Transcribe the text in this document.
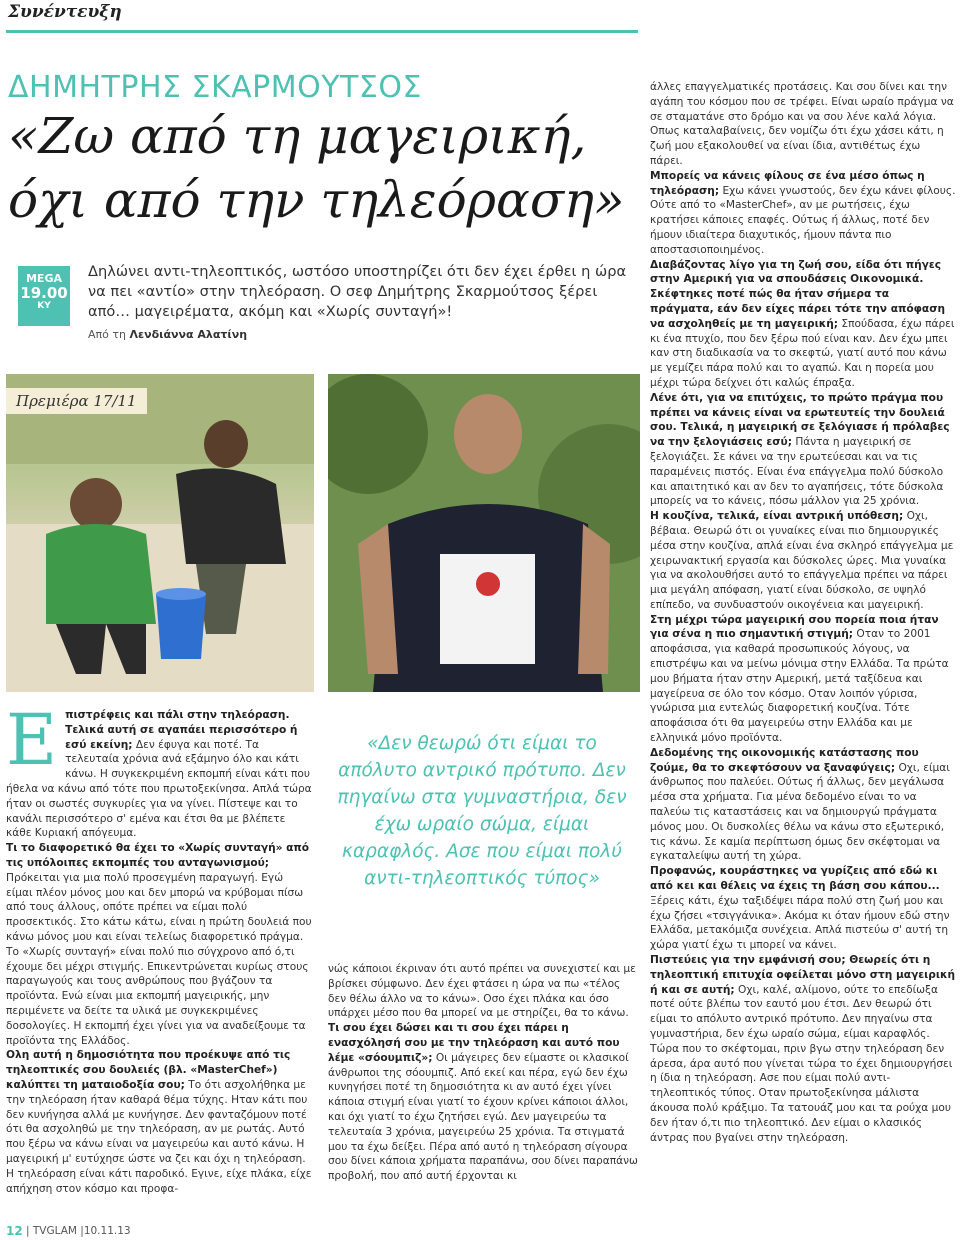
Συνέντευξη
ΔΗΜΗΤΡΗΣ ΣΚΑΡΜΟΥΤΣΟΣ
«Ζω από τη μαγειρική,
όχι από την τηλεόραση»
MEGA
19.00
ΚΥ
Δηλώνει αντι-τηλεοπτικός, ωστόσο υποστηρίζει ότι δεν έχει έρθει η ώρα να πει «αντίο» στην τηλεόραση. Ο σεφ Δημήτρης Σκαρμούτσος ξέρει από… μαγειρέματα, ακόμη και «Χωρίς συνταγή»!
Από τη Λενδιάννα Αλατίνη
Πρεμιέρα 17/11
Ε πιστρέφεις και πάλι στην τηλεόραση. Τελικά αυτή σε αγαπάει περισσότερο ή εσύ εκείνη; Δεν έφυγα και ποτέ. Τα τελευταία χρόνια ανά εξάμηνο όλο και κάτι κάνω. Η συγκεκριμένη εκπομπή είναι κάτι που ήθελα να κάνω από τότε που πρωτοξεκίνησα. Απλά τώρα ήταν οι σωστές συγκυρίες για να γίνει. Πίστεψε και το κανάλι περισσότερο σ' εμένα και έτσι θα με βλέπετε κάθε Κυριακή απόγευμα.

Τι το διαφορετικό θα έχει το «Χωρίς συνταγή» από τις υπόλοιπες εκπομπές του ανταγωνισμού; Πρόκειται για μια πολύ προσεγμένη παραγωγή. Εγώ είμαι πλέον μόνος μου και δεν μπορώ να κρύβομαι πίσω από τους άλλους, οπότε πρέπει να είμαι πολύ προσεκτικός. Στο κάτω κάτω, είναι η πρώτη δουλειά που κάνω μόνος μου και είναι τελείως διαφορετικό πράγμα. Το «Χωρίς συνταγή» είναι πολύ πιο σύγχρονο από ό,τι έχουμε δει μέχρι στιγμής. Επικεντρώνεται κυρίως στους παραγωγούς και τους ανθρώπους που βγάζουν τα προϊόντα. Ενώ είναι μια εκπομπή μαγειρικής, μην περιμένετε να δείτε τα υλικά με συγκεκριμένες δοσολογίες. Η εκπομπή έχει γίνει για να αναδείξουμε τα προϊόντα της Ελλάδος.

Ολη αυτή η δημοσιότητα που προέκυψε από τις τηλεοπτικές σου δουλειές (βλ. «MasterChef») καλύπτει τη ματαιοδοξία σου; Το ότι ασχολήθηκα με την τηλεόραση ήταν καθαρά θέμα τύχης. Ηταν κάτι που δεν κυνήγησα αλλά με κυνήγησε. Δεν φανταζόμουν ποτέ ότι θα ασχοληθώ με την τηλεόραση, αν με ρωτάς. Αυτό που ξέρω να κάνω είναι να μαγειρεύω και αυτό κάνω. Η μαγειρική μ' ευτύχησε ώστε να ζει και όχι η τηλεόραση. Η τηλεόραση είναι κάτι παροδικό. Εγινε, είχε πλάκα, είχε απήχηση στον κόσμο και προφα-

«Δεν θεωρώ ότι είμαι το απόλυτο αντρικό πρότυπο. Δεν πηγαίνω στα γυμναστήρια, δεν έχω ωραίο σώμα, είμαι καραφλός. Ασε που είμαι πολύ αντι-τηλεοπτικός τύπος»

νώς κάποιοι έκριναν ότι αυτό πρέπει να συνεχιστεί και με βρίσκει σύμφωνο. Δεν έχει φτάσει η ώρα να πω «τέλος δεν θέλω άλλο να το κάνω». Οσο έχει πλάκα και όσο υπάρχει μέσο που θα μπορεί να με στηρίζει, θα το κάνω.

Τι σου έχει δώσει και τι σου έχει πάρει η ενασχόλησή σου με την τηλεόραση και αυτό που λέμε «σόουμπιζ»; Οι μάγειρες δεν είμαστε οι κλασικοί άνθρωποι της σόουμπιζ. Από εκεί και πέρα, εγώ δεν έχω κυνηγήσει ποτέ τη δημοσιότητα κι αν αυτό έχει γίνει κάποια στιγμή είναι γιατί το έχουν κρίνει κάποιοι άλλοι, και όχι γιατί το έχω ζητήσει εγώ. Δεν μαγειρεύω τα τελευταία 3 χρόνια, μαγειρεύω 25 χρόνια. Τα στιγματά μου τα έχω δείξει. Πέρα από αυτό η τηλεόραση σίγουρα σου δίνει κάποια χρήματα παραπάνω, σου δίνει παραπάνω προβολή, που από αυτή έρχονται κι

άλλες επαγγελματικές προτάσεις. Και σου δίνει και την αγάπη του κόσμου που σε τρέφει. Είναι ωραίο πράγμα να σε σταματάνε στο δρόμο και να σου λένε καλά λόγια. Οπως καταλαβαίνεις, δεν νομίζω ότι έχω χάσει κάτι, η ζωή μου εξακολουθεί να είναι ίδια, αντιθέτως έχω πάρει.

Μπορείς να κάνεις φίλους σε ένα μέσο όπως η τηλεόραση; Εχω κάνει γνωστούς, δεν έχω κάνει φίλους. Ούτε από το «MasterChef», αν με ρωτήσεις, έχω κρατήσει κάποιες επαφές. Ούτως ή άλλως, ποτέ δεν ήμουν ιδιαίτερα διαχυτικός, ήμουν πάντα πιο αποστασιοποιημένος.

Διαβάζοντας λίγο για τη ζωή σου, είδα ότι πήγες στην Αμερική για να σπουδάσεις Οικονομικά. Σκέφτηκες ποτέ πώς θα ήταν σήμερα τα πράγματα, εάν δεν είχες πάρει τότε την απόφαση να ασχοληθείς με τη μαγειρική; Σπούδασα, έχω πάρει κι ένα πτυχίο, που δεν ξέρω πού είναι καν. Δεν έχω μπει καν στη διαδικασία να το σκεφτώ, γιατί αυτό που κάνω με γεμίζει πάρα πολύ και το αγαπώ. Και η πορεία μου μέχρι τώρα δείχνει ότι καλώς έπραξα.

Λένε ότι, για να επιτύχεις, το πρώτο πράγμα που πρέπει να κάνεις είναι να ερωτευτείς την δουλειά σου. Τελικά, η μαγειρική σε ξελόγιασε ή πρόλαβες να την ξελογιάσεις εσύ; Πάντα η μαγειρική σε ξελογιάζει. Σε κάνει να την ερωτεύεσαι και να τις παραμένεις πιστός. Είναι ένα επάγγελμα πολύ δύσκολο και απαιτητικό και αν δεν το αγαπήσεις, τότε δύσκολα μπορείς να το κάνεις, πόσω μάλλον για 25 χρόνια.

Η κουζίνα, τελικά, είναι αντρική υπόθεση; Οχι, βέβαια. Θεωρώ ότι οι γυναίκες είναι πιο δημιουργικές μέσα στην κουζίνα, απλά είναι ένα σκληρό επάγγελμα με χειρωνακτική εργασία και δύσκολες ώρες. Μια γυναίκα για να ακολουθήσει αυτό το επάγγελμα πρέπει να πάρει μια μεγάλη απόφαση, γιατί είναι δύσκολο, σε υψηλό επίπεδο, να συνδυαστούν οικογένεια και μαγειρική.

Στη μέχρι τώρα μαγειρική σου πορεία ποια ήταν για σένα η πιο σημαντική στιγμή; Οταν το 2001 αποφάσισα, για καθαρά προσωπικούς λόγους, να επιστρέψω και να μείνω μόνιμα στην Ελλάδα. Τα πρώτα μου βήματα ήταν στην Αμερική, μετά ταξίδευα και μαγείρευα σε όλο τον κόσμο. Οταν λοιπόν γύρισα, γνώρισα μια εντελώς διαφορετική κουζίνα. Τότε αποφάσισα ότι θα μαγειρεύω στην Ελλάδα και με ελληνικά μόνο προϊόντα.

Δεδομένης της οικονομικής κατάστασης που ζούμε, θα το σκεφτόσουν να ξαναφύγεις; Οχι, είμαι άνθρωπος που παλεύει. Ούτως ή άλλως, δεν μεγάλωσα μέσα στα χρήματα. Για μένα δεδομένο είναι το να παλεύω τις καταστάσεις και να δημιουργώ πράγματα μόνος μου. Οι δυσκολίες θέλω να κάνω στο εξωτερικό, τις κάνω. Σε καμία περίπτωση όμως δεν σκέφτομαι να εγκαταλείψω αυτή τη χώρα.

Προφανώς, κουράστηκες να γυρίζεις από εδώ κι από κει και θέλεις να έχεις τη βάση σου κάπου... Ξέρεις κάτι, έχω ταξιδέψει πάρα πολύ στη ζωή μου και έχω ζήσει «τσιγγάνικα». Ακόμα κι όταν ήμουν εδώ στην Ελλάδα, μετακόμιζα συνέχεια. Απλά πιστεύω σ' αυτή τη χώρα γιατί έχω τι μπορεί να κάνει.

Πιστεύεις για την εμφάνισή σου; Θεωρείς ότι η τηλεοπτική επιτυχία οφείλεται μόνο στη μαγειρική ή και σε αυτή; Οχι, καλέ, αλίμονο, ούτε το επεδίωξα ποτέ ούτε βλέπω τον εαυτό μου έτσι. Δεν θεωρώ ότι είμαι το απόλυτο αντρικό πρότυπο. Δεν πηγαίνω στα γυμναστήρια, δεν έχω ωραίο σώμα, είμαι καραφλός. Τώρα που το σκέφτομαι, πριν βγω στην τηλεόραση δεν άρεσα, άρα αυτό που γίνεται τώρα το έχει δημιουργήσει η ίδια η τηλεόραση. Ασε που είμαι πολύ αντι-τηλεοπτικός τύπος. Οταν πρωτοξεκίνησα μάλιστα άκουσα πολύ κράξιμο. Τα τατουάζ μου και τα ρούχα μου δεν ήταν ό,τι πιο τηλεοπτικό. Δεν είμαι ο κλασικός άντρας που βγαίνει στην τηλεόραση.

12 | TVGLAM |10.11.13
